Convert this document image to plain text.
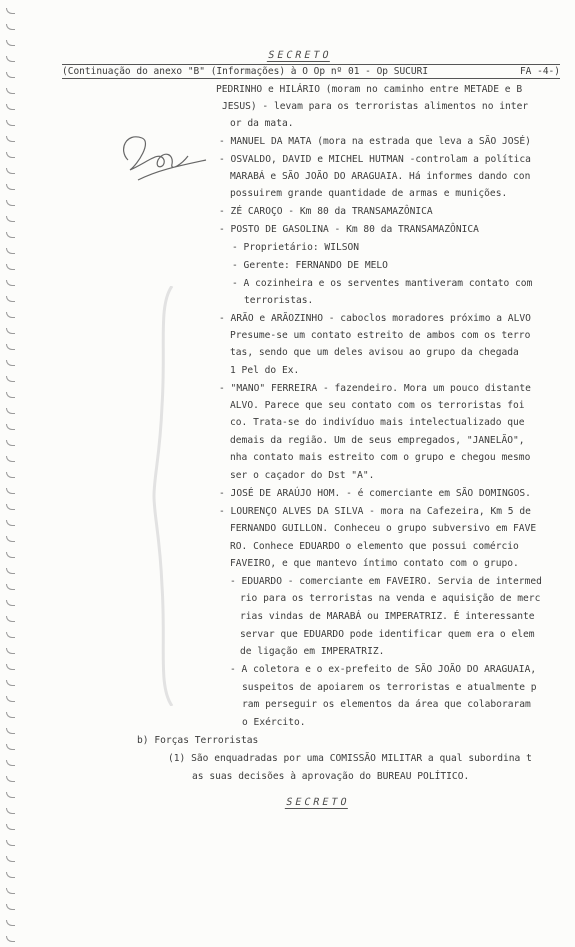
SECRETO
(Continuação do anexo "B" (Informações) à O Op nº 01 - Op SUCURI	FA -4-)
PEDRINHO e HILÁRIO (moram no caminho entre METADE e B
JESUS) - levam para os terroristas alimentos no inter
or da mata.
- MANUEL DA MATA (mora na estrada que leva a SÃO JOSÉ)
- OSVALDO, DAVID e MICHEL HUTMAN -controlam a política
MARABÁ e SÃO JOÃO DO ARAGUAIA. Há informes dando con
possuirem grande quantidade de armas e munições.
- ZÉ CAROÇO - Km 80 da TRANSAMAZÔNICA
- POSTO DE GASOLINA - Km 80 da TRANSAMAZÔNICA
- Proprietário: WILSON
- Gerente: FERNANDO DE MELO
- A cozinheira e os serventes mantiveram contato com
terroristas.
- ARÃO e ARÃOZINHO - caboclos moradores próximo a ALVO
Presume-se um contato estreito de ambos com os terro
tas, sendo que um deles avisou ao grupo da chegada
1 Pel do Ex.
- "MANO" FERREIRA - fazendeiro. Mora um pouco distante
ALVO. Parece que seu contato com os terroristas foi
co. Trata-se do indivíduo mais intelectualizado que
demais da região. Um de seus empregados, "JANELÃO",
nha contato mais estreito com o grupo e chegou mesmo
ser o caçador do Dst "A".
- JOSÉ DE ARAÚJO HOM. - é comerciante em SÃO DOMINGOS.
- LOURENÇO ALVES DA SILVA - mora na Cafezeira, Km 5 de
FERNANDO GUILLON. Conheceu o grupo subversivo em FAVE
RO. Conhece EDUARDO o elemento que possui comércio
FAVEIRO, e que mantevo íntimo contato com o grupo.
- EDUARDO - comerciante em FAVEIRO. Servia de intermed
rio para os terroristas na venda e aquisição de merc
rias vindas de MARABÁ ou IMPERATRIZ. É interessante
servar que EDUARDO pode identificar quem era o elem
de ligação em IMPERATRIZ.
- A coletora e o ex-prefeito de SÃO JOÃO DO ARAGUAIA,
suspeitos de apoiarem os terroristas e atualmente p
ram perseguir os elementos da área que colaboraram
o Exército.
b) Forças Terroristas
(1) São enquadradas por uma COMISSÃO MILITAR a qual subordina t
as suas decisões à aprovação do BUREAU POLÍTICO.
SECRETO
